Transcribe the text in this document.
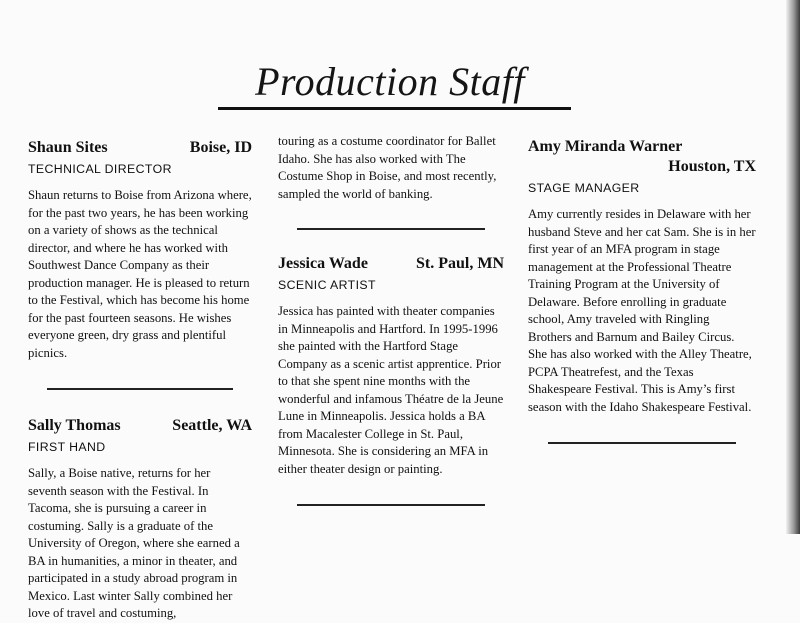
Production Staff
Shaun Sites	Boise, ID
TECHNICAL DIRECTOR
Shaun returns to Boise from Arizona where, for the past two years, he has been working on a variety of shows as the technical director, and where he has worked with Southwest Dance Company as their production manager. He is pleased to return to the Festival, which has become his home for the past fourteen seasons. He wishes everyone green, dry grass and plentiful picnics.
Sally Thomas	Seattle, WA
FIRST HAND
Sally, a Boise native, returns for her seventh season with the Festival. In Tacoma, she is pursuing a career in costuming. Sally is a graduate of the University of Oregon, where she earned a BA in humanities, a minor in theater, and participated in a study abroad program in Mexico. Last winter Sally combined her love of travel and costuming,
touring as a costume coordinator for Ballet Idaho. She has also worked with The Costume Shop in Boise, and most recently, sampled the world of banking.
Jessica Wade	St. Paul, MN
SCENIC ARTIST
Jessica has painted with theater companies in Minneapolis and Hartford. In 1995-1996 she painted with the Hartford Stage Company as a scenic artist apprentice. Prior to that she spent nine months with the wonderful and infamous Théatre de la Jeune Lune in Minneapolis. Jessica holds a BA from Macalester College in St. Paul, Minnesota. She is considering an MFA in either theater design or painting.
Amy Miranda Warner
Houston, TX
STAGE MANAGER
Amy currently resides in Delaware with her husband Steve and her cat Sam. She is in her first year of an MFA program in stage management at the Professional Theatre Training Program at the University of Delaware. Before enrolling in graduate school, Amy traveled with Ringling Brothers and Barnum and Bailey Circus. She has also worked with the Alley Theatre, PCPA Theatrefest, and the Texas Shakespeare Festival. This is Amy’s first season with the Idaho Shakespeare Festival.
